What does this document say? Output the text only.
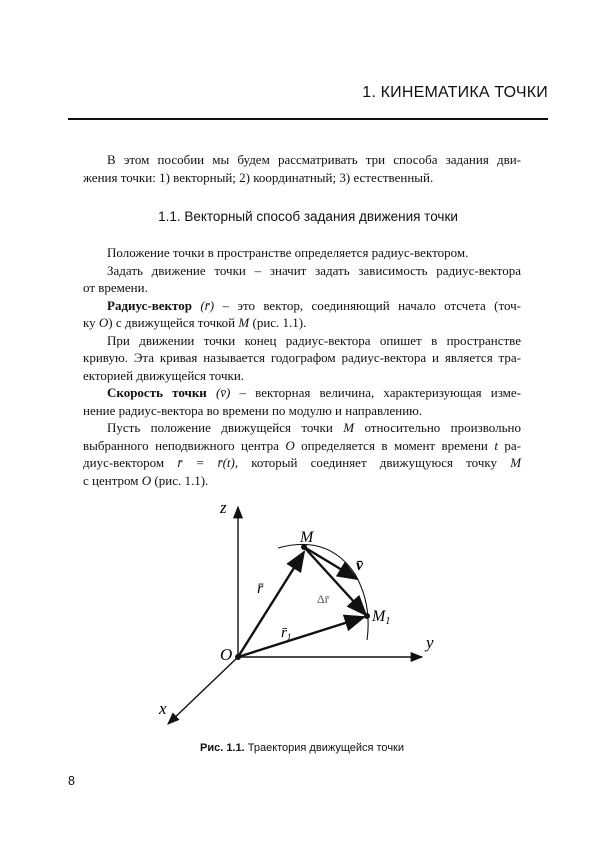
1. КИНЕМАТИКА ТОЧКИ
В этом пособии мы будем рассматривать три способа задания дви-
жения точки: 1) векторный; 2) координатный; 3) естественный.
1.1. Векторный способ задания движения точки
Положение точки в пространстве определяется радиус-вектором.
Задать движение точки – значит задать зависимость радиус-вектора
от времени.
Радиус-вектор (r̄) – это вектор, соединяющий начало отсчета (точ-
ку O) с движущейся точкой M (рис. 1.1).
При движении точки конец радиус-вектора опишет в пространстве
кривую. Эта кривая называется годографом радиус-вектора и является тра-
екторией движущейся точки.
Скорость точки (v̄) – векторная величина, характеризующая изме-
нение радиус-вектора во времени по модулю и направлению.
Пусть положение движущейся точки M относительно произвольно
выбранного неподвижного центра O определяется в момент времени t ра-
диус-вектором r̄ = r̄(t), который соединяет движущуюся точку M
с центром O (рис. 1.1).
z
y
x
O
M
M1
r̄
$r̄_1$
v̄
Δr̄
Рис. 1.1. Траектория движущейся точки
8
